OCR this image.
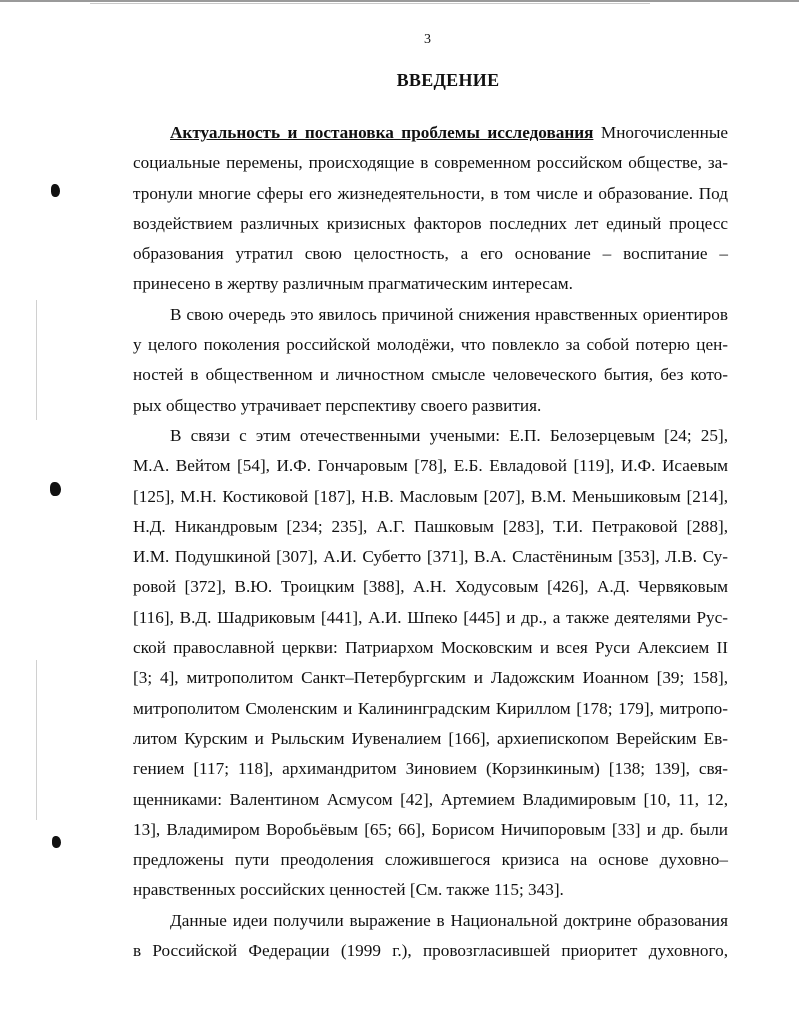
3
ВВЕДЕНИЕ
Актуальность и постановка проблемы исследования Многочисленные
социальные перемены, происходящие в современном российском обществе, за-
тронули многие сферы его жизнедеятельности, в том числе и образование. Под
воздействием различных кризисных факторов последних лет единый процесс
образования утратил свою целостность, а его основание – воспитание –
принесено в жертву различным прагматическим интересам.
В свою очередь это явилось причиной снижения нравственных ориентиров
у целого поколения российской молодёжи, что повлекло за собой потерю цен-
ностей в общественном и личностном смысле человеческого бытия, без кото-
рых общество утрачивает перспективу своего развития.
В связи с этим отечественными учеными: Е.П. Белозерцевым [24; 25],
М.А. Вейтом [54], И.Ф. Гончаровым [78], Е.Б. Евладовой [119], И.Ф. Исаевым
[125], М.Н. Костиковой [187], Н.В. Масловым [207], В.М. Меньшиковым [214],
Н.Д. Никандровым [234; 235], А.Г. Пашковым [283], Т.И. Петраковой [288],
И.М. Подушкиной [307], А.И. Субетто [371], В.А. Сластёниным [353], Л.В. Су-
ровой [372], В.Ю. Троицким [388], А.Н. Ходусовым [426], А.Д. Червяковым
[116], В.Д. Шадриковым [441], А.И. Шпеко [445] и др., а также деятелями Рус-
ской православной церкви: Патриархом Московским и всея Руси Алексием II
[3; 4], митрополитом Санкт–Петербургским и Ладожским Иоанном [39; 158],
митрополитом Смоленским и Калининградским Кириллом [178; 179], митропо-
литом Курским и Рыльским Иувеналием [166], архиепископом Верейским Ев-
гением [117; 118], архимандритом Зиновием (Корзинкиным) [138; 139], свя-
щенниками: Валентином Асмусом [42], Артемием Владимировым [10, 11, 12,
13], Владимиром Воробьёвым [65; 66], Борисом Ничипоровым [33] и др. были
предложены пути преодоления сложившегося кризиса на основе духовно–
нравственных российских ценностей [См. также 115; 343].
Данные идеи получили выражение в Национальной доктрине образования
в Российской Федерации (1999 г.), провозгласившей приоритет духовного,
